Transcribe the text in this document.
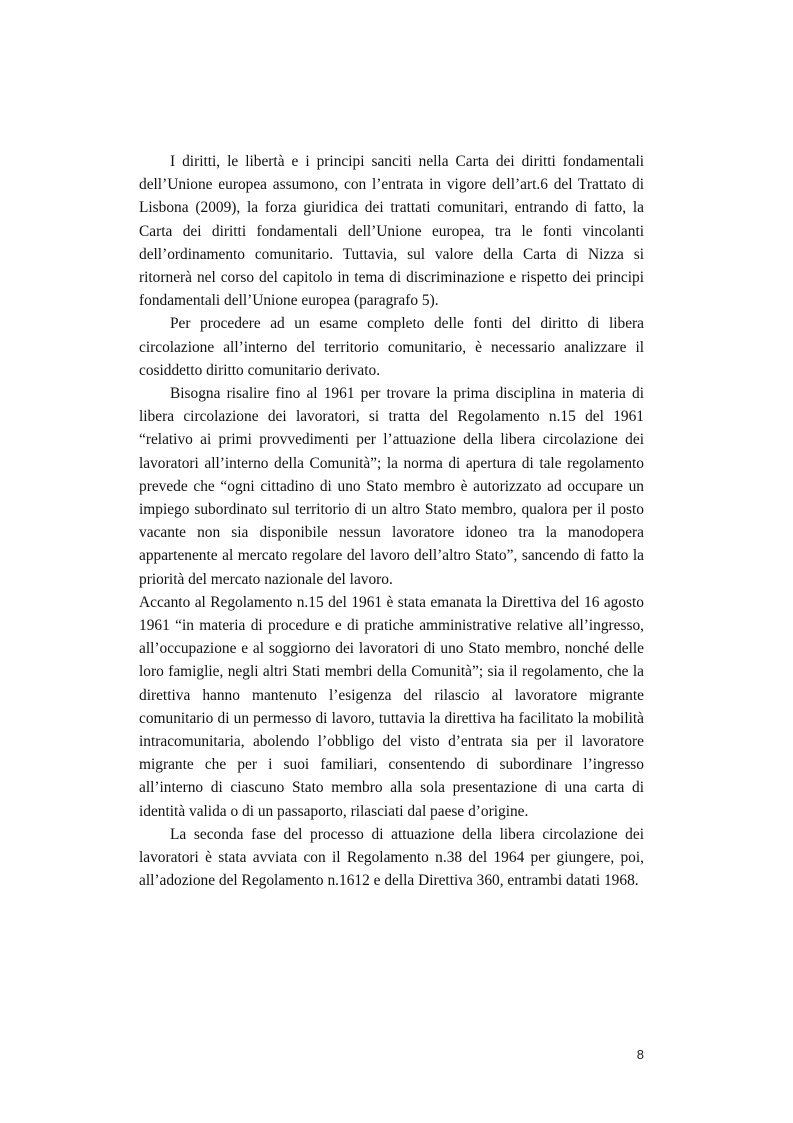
I diritti, le libertà e i principi sanciti nella Carta dei diritti fondamentali dell’Unione europea assumono, con l’entrata in vigore dell’art.6 del Trattato di Lisbona (2009), la forza giuridica dei trattati comunitari, entrando di fatto, la Carta dei diritti fondamentali dell’Unione europea, tra le fonti vincolanti dell’ordinamento comunitario. Tuttavia, sul valore della Carta di Nizza si ritornerà nel corso del capitolo in tema di discriminazione e rispetto dei principi fondamentali dell’Unione europea (paragrafo 5).

Per procedere ad un esame completo delle fonti del diritto di libera circolazione all’interno del territorio comunitario, è necessario analizzare il cosiddetto diritto comunitario derivato.

Bisogna risalire fino al 1961 per trovare la prima disciplina in materia di libera circolazione dei lavoratori, si tratta del Regolamento n.15 del 1961 “relativo ai primi provvedimenti per l’attuazione della libera circolazione dei lavoratori all’interno della Comunità”; la norma di apertura di tale regolamento prevede che “ogni cittadino di uno Stato membro è autorizzato ad occupare un impiego subordinato sul territorio di un altro Stato membro, qualora per il posto vacante non sia disponibile nessun lavoratore idoneo tra la manodopera appartenente al mercato regolare del lavoro dell’altro Stato”, sancendo di fatto la priorità del mercato nazionale del lavoro.

Accanto al Regolamento n.15 del 1961 è stata emanata la Direttiva del 16 agosto 1961 “in materia di procedure e di pratiche amministrative relative all’ingresso, all’occupazione e al soggiorno dei lavoratori di uno Stato membro, nonché delle loro famiglie, negli altri Stati membri della Comunità”; sia il regolamento, che la direttiva hanno mantenuto l’esigenza del rilascio al lavoratore migrante comunitario di un permesso di lavoro, tuttavia la direttiva ha facilitato la mobilità intracomunitaria, abolendo l’obbligo del visto d’entrata sia per il lavoratore migrante che per i suoi familiari, consentendo di subordinare l’ingresso all’interno di ciascuno Stato membro alla sola presentazione di una carta di identità valida o di un passaporto, rilasciati dal paese d’origine.

La seconda fase del processo di attuazione della libera circolazione dei lavoratori è stata avviata con il Regolamento n.38 del 1964 per giungere, poi, all’adozione del Regolamento n.1612 e della Direttiva 360, entrambi datati 1968.

8
